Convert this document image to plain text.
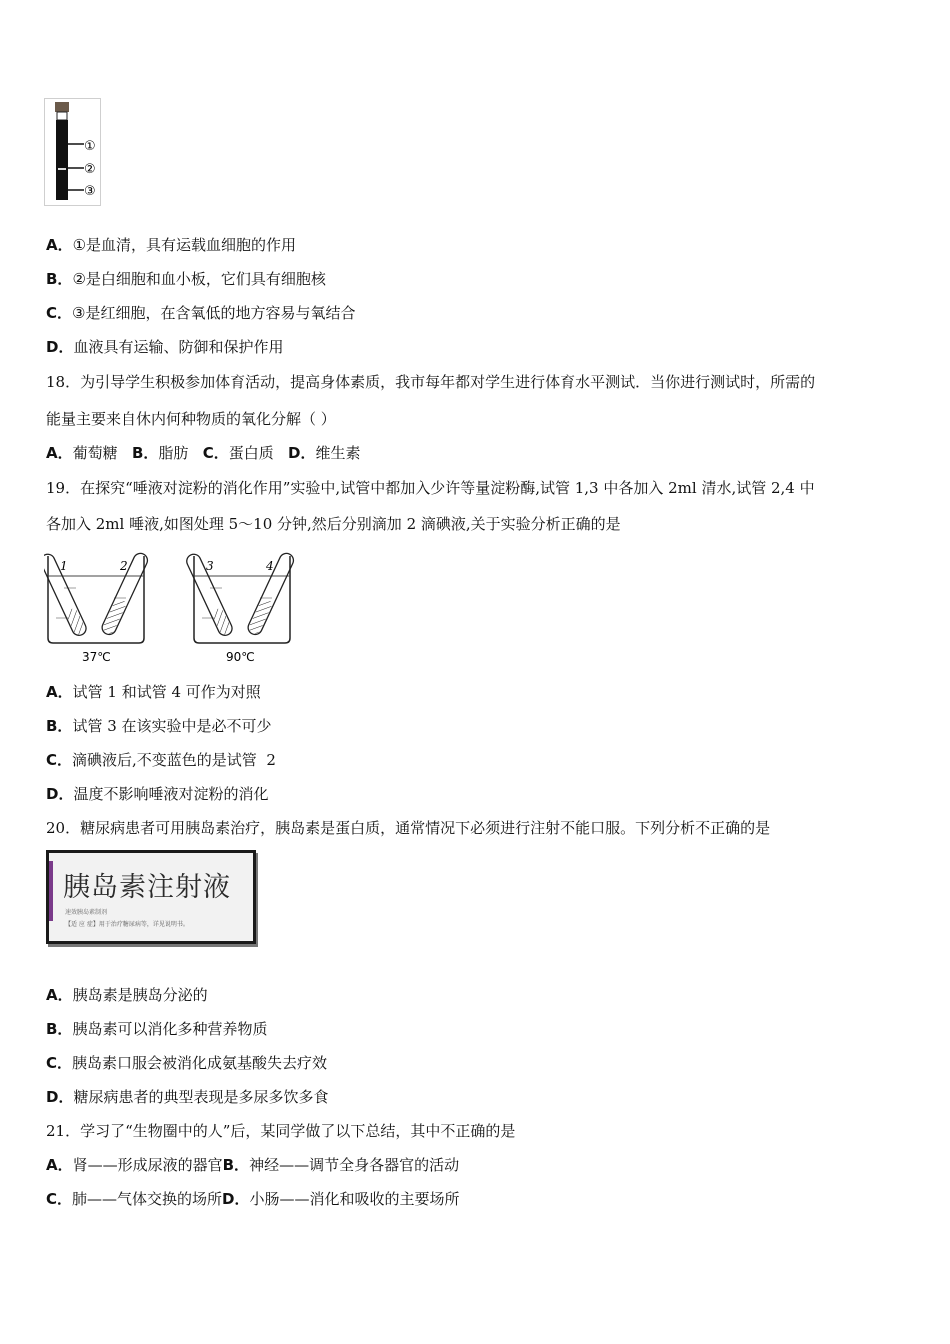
①
②
③
A．①是血清，具有运载血细胞的作用
B．②是白细胞和血小板，它们具有细胞核
C．③是红细胞，在含氧低的地方容易与氧结合
D．血液具有运输、防御和保护作用
18．为引导学生积极参加体育活动，提高身体素质，我市每年都对学生进行体育水平测试．当你进行测试时，所需的
能量主要来自休内何种物质的氧化分解（ ）
A．葡萄糖 B．脂肪 C．蛋白质 D．维生素
19．在探究“唾液对淀粉的消化作用”实验中,试管中都加入少许等量淀粉酶,试管 1,3 中各加入 2ml 清水,试管 2,4 中
各加入 2ml 唾液,如图处理 5～10 分钟,然后分别滴加 2 滴碘液,关于实验分析正确的是
1	2
37℃
3	4
90℃
A．试管 1 和试管 4 可作为对照
B．试管 3 在该实验中是必不可少
C．滴碘液后,不变蓝色的是试管  2
D．温度不影响唾液对淀粉的消化
20．糖尿病患者可用胰岛素治疗，胰岛素是蛋白质，通常情况下必须进行注射不能口服。下列分析不正确的是
胰岛素注射液
速效胰岛素制剂
【适 应 症】用于治疗糖尿病等，详见说明书。
A．胰岛素是胰岛分泌的
B．胰岛素可以消化多种营养物质
C．胰岛素口服会被消化成氨基酸失去疗效
D．糖尿病患者的典型表现是多尿多饮多食
21．学习了“生物圈中的人”后，某同学做了以下总结，其中不正确的是
A．肾——形成尿液的器官B．神经——调节全身各器官的活动
C．肺——气体交换的场所D．小肠——消化和吸收的主要场所
